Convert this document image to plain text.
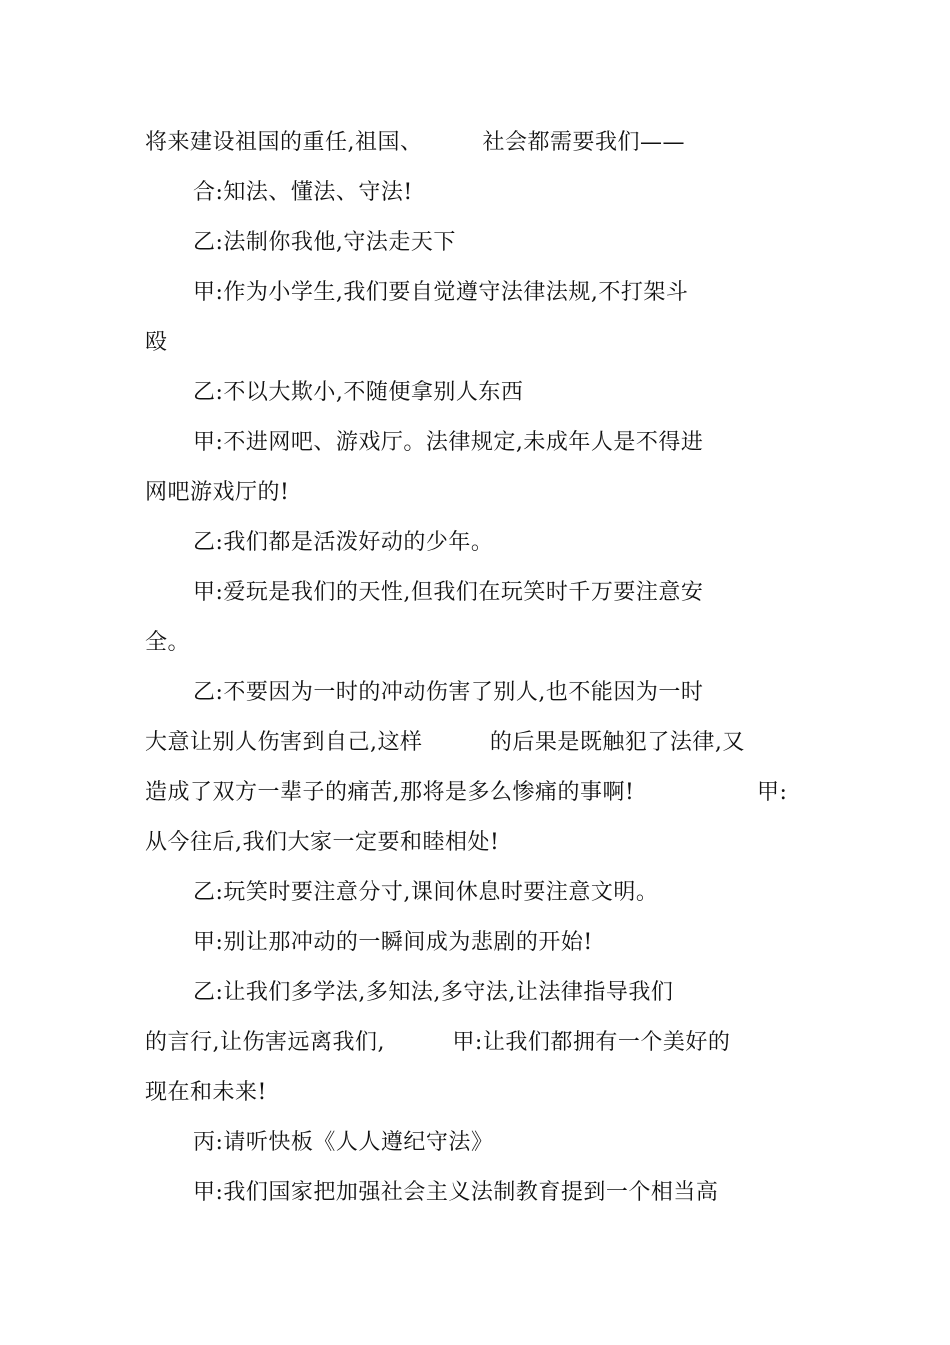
将来建设祖国的重任,祖国、        社会都需要我们——
合:知法、懂法、守法!
乙:法制你我他,守法走天下
甲:作为小学生,我们要自觉遵守法律法规,不打架斗
殴
乙:不以大欺小,不随便拿别人东西
甲:不进网吧、游戏厅。法律规定,未成年人是不得进
网吧游戏厅的!
乙:我们都是活泼好动的少年。
甲:爱玩是我们的天性,但我们在玩笑时千万要注意安
全。
乙:不要因为一时的冲动伤害了别人,也不能因为一时
大意让别人伤害到自己,这样         的后果是既触犯了法律,又
造成了双方一辈子的痛苦,那将是多么惨痛的事啊!	甲:
从今往后,我们大家一定要和睦相处!
乙:玩笑时要注意分寸,课间休息时要注意文明。
甲:别让那冲动的一瞬间成为悲剧的开始!
乙:让我们多学法,多知法,多守法,让法律指导我们
的言行,让伤害远离我们,         甲:让我们都拥有一个美好的
现在和未来!
丙:请听快板《人人遵纪守法》
甲:我们国家把加强社会主义法制教育提到一个相当高
